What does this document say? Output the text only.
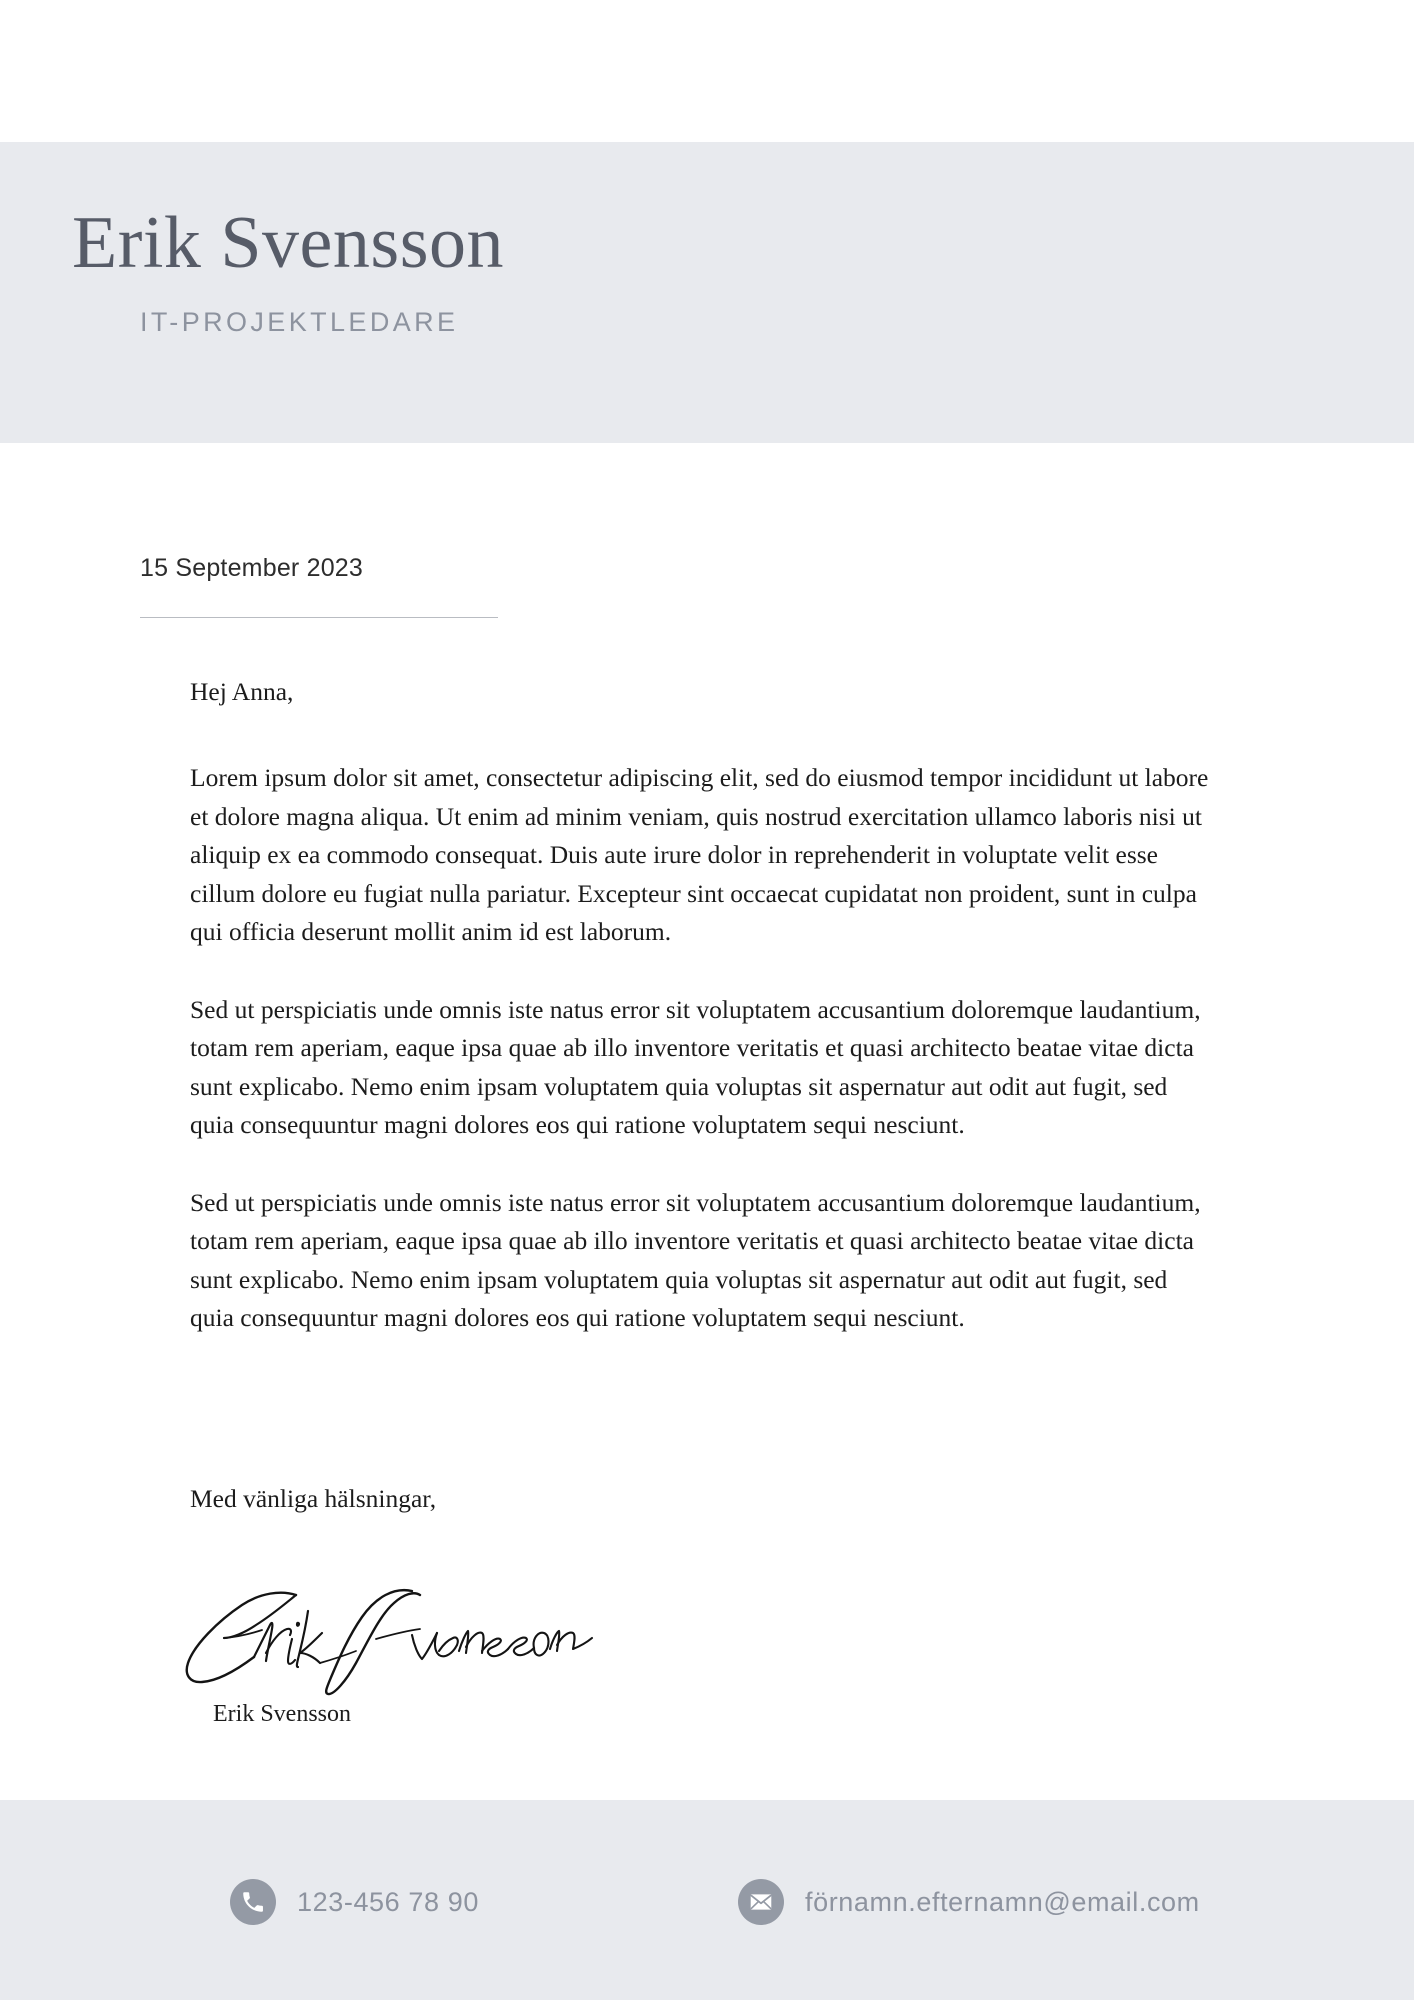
Erik Svensson
IT-PROJEKTLEDARE
15 September 2023

Hej Anna,

Lorem ipsum dolor sit amet, consectetur adipiscing elit, sed do eiusmod tempor incididunt ut labore et dolore magna aliqua. Ut enim ad minim veniam, quis nostrud exercitation ullamco laboris nisi ut aliquip ex ea commodo consequat. Duis aute irure dolor in reprehenderit in voluptate velit esse cillum dolore eu fugiat nulla pariatur. Excepteur sint occaecat cupidatat non proident, sunt in culpa qui officia deserunt mollit anim id est laborum.

Sed ut perspiciatis unde omnis iste natus error sit voluptatem accusantium doloremque laudantium, totam rem aperiam, eaque ipsa quae ab illo inventore veritatis et quasi architecto beatae vitae dicta sunt explicabo. Nemo enim ipsam voluptatem quia voluptas sit aspernatur aut odit aut fugit, sed quia consequuntur magni dolores eos qui ratione voluptatem sequi nesciunt.

Sed ut perspiciatis unde omnis iste natus error sit voluptatem accusantium doloremque laudantium, totam rem aperiam, eaque ipsa quae ab illo inventore veritatis et quasi architecto beatae vitae dicta sunt explicabo. Nemo enim ipsam voluptatem quia voluptas sit aspernatur aut odit aut fugit, sed quia consequuntur magni dolores eos qui ratione voluptatem sequi nesciunt.

Med vänliga hälsningar,
Erik Svensson
123-456 78 90	förnamn.efternamn@email.com
